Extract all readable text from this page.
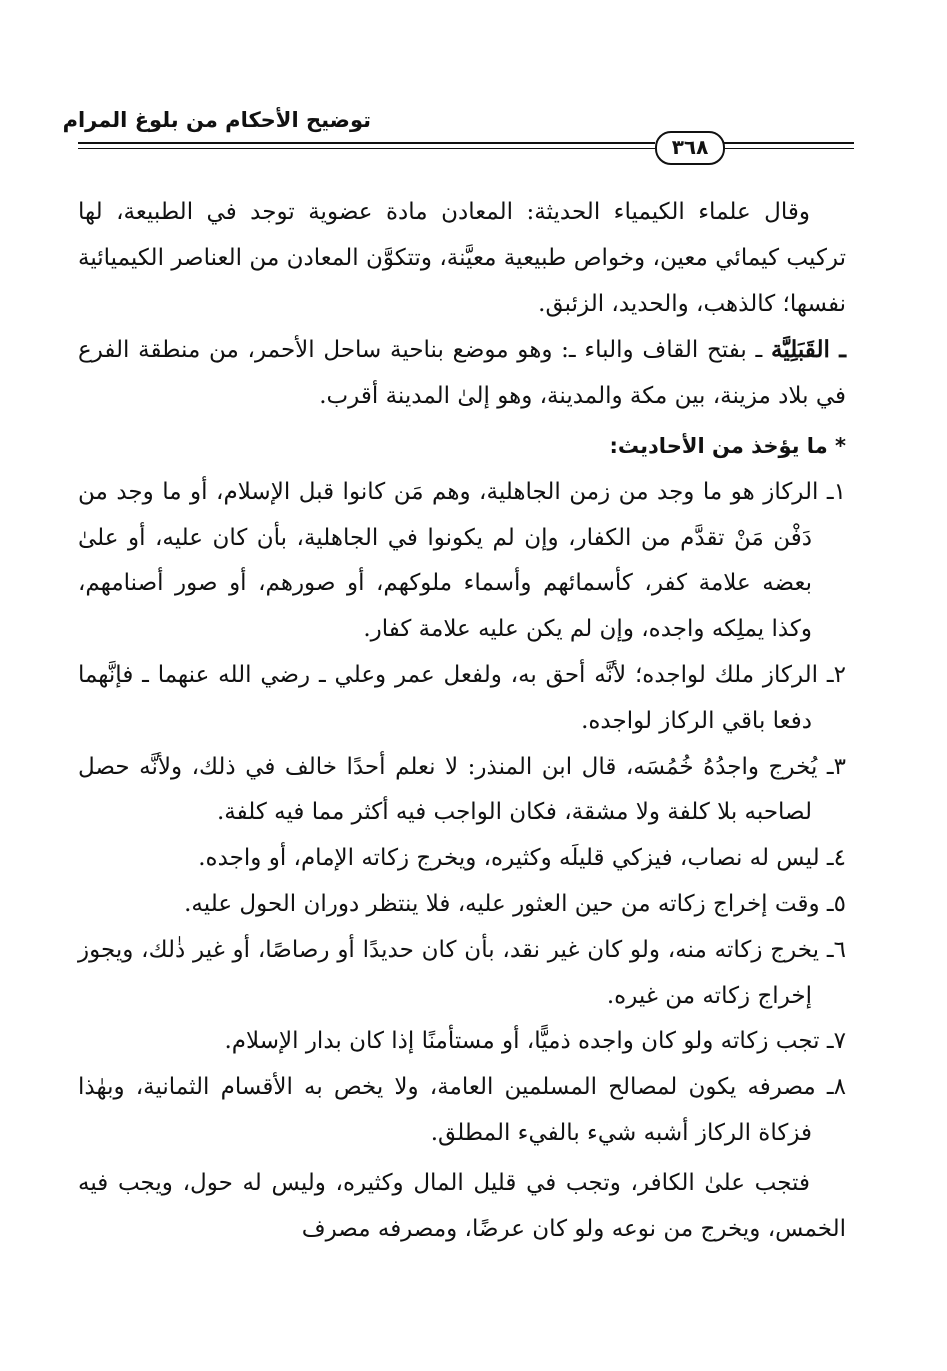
توضيح الأحكام من بلوغ المرام
٣٦٨

وقال علماء الكيمياء الحديثة: المعادن مادة عضوية توجد في الطبيعة، لها تركيب كيمائي معين، وخواص طبيعية معيَّنة، وتتكوَّن المعادن من العناصر الكيميائية نفسها؛ كالذهب، والحديد، الزئبق.

ـ القَبَلِيَّة ـ بفتح القاف والباء ـ: وهو موضع بناحية ساحل الأحمر، من منطقة الفرع في بلاد مزينة، بين مكة والمدينة، وهو إلىٰ المدينة أقرب.

* ما يؤخذ من الأحاديث:

١ـ الركاز هو ما وجد من زمن الجاهلية، وهم مَن كانوا قبل الإسلام، أو ما وجد من دَفْن مَنْ تقدَّم من الكفار، وإن لم يكونوا في الجاهلية، بأن كان عليه، أو علىٰ بعضه علامة كفر، كأسمائهم وأسماء ملوكهم، أو صورهم، أو صور أصنامهم، وكذا يملِكه واجده، وإن لم يكن عليه علامة كفار.

٢ـ الركاز ملك لواجده؛ لأنَّه أحق به، ولفعل عمر وعلي ـ رضي الله عنهما ـ فإنَّهما دفعا باقي الركاز لواجده.

٣ـ يُخرج واجدُهُ خُمُسَه، قال ابن المنذر: لا نعلم أحدًا خالف في ذلك، ولأنَّه حصل لصاحبه بلا كلفة ولا مشقة، فكان الواجب فيه أكثر مما فيه كلفة.

٤ـ ليس له نصاب، فيزكي قليلَه وكثيره، ويخرج زكاته الإمام، أو واجده.

٥ـ وقت إخراج زكاته من حين العثور عليه، فلا ينتظر دوران الحول عليه.

٦ـ يخرج زكاته منه، ولو كان غير نقد، بأن كان حديدًا أو رصاصًا، أو غير ذٰلك، ويجوز إخراج زكاته من غيره.

٧ـ تجب زكاته ولو كان واجده ذميًّا، أو مستأمنًا إذا كان بدار الإسلام.

٨ـ مصرفه يكون لمصالح المسلمين العامة، ولا يخص به الأقسام الثمانية، وبهٰذا فزكاة الركاز أشبه شيء بالفيء المطلق.

فتجب علىٰ الكافر، وتجب في قليل المال وكثيره، وليس له حول، ويجب فيه الخمس، ويخرج من نوعه ولو كان عرضًا، ومصرفه مصرف
